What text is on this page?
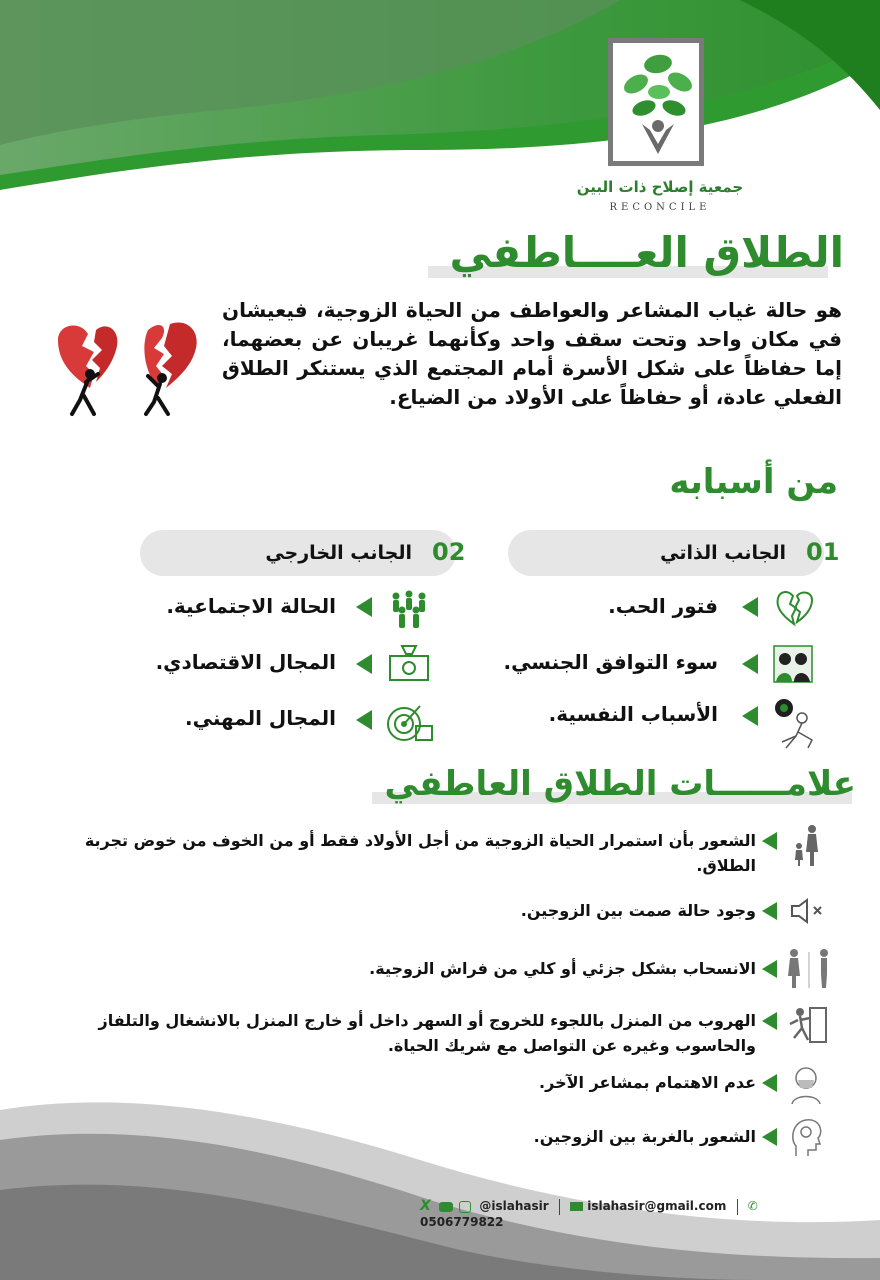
جمعية إصلاح ذات البين
RECONCILE
الطلاق العــــاطفي
هو حالة غياب المشاعر والعواطف من الحياة الزوجية، فيعيشان في مكان واحد وتحت سقف واحد وكأنهما غريبان عن بعضهما، إما حفاظاً على شكل الأسرة أمام المجتمع الذي يستنكر الطلاق الفعلي عادة، أو حفاظاً على الأولاد من الضياع.
من أسبابه
01
الجانب الذاتي
02
الجانب الخارجي
فتور الحب.
سوء التوافق الجنسي.
الأسباب النفسية.
الحالة الاجتماعية.
المجال الاقتصادي.
المجال المهني.
علامــــــات الطلاق العاطفي
الشعور بأن استمرار الحياة الزوجية من أجل الأولاد فقط أو من الخوف من خوض تجربة الطلاق.
وجود حالة صمت بين الزوجين.
الانسحاب بشكل جزئي أو كلي من فراش الزوجية.
الهروب من المنزل باللجوء للخروج أو السهر داخل أو خارج المنزل بالانشغال والتلفاز والحاسوب وغيره عن التواصل مع شريك الحياة.
عدم الاهتمام بمشاعر الآخر.
الشعور بالغربة بين الزوجين.
X	@islahasir	islahasir@gmail.com ✆ 0506779822
